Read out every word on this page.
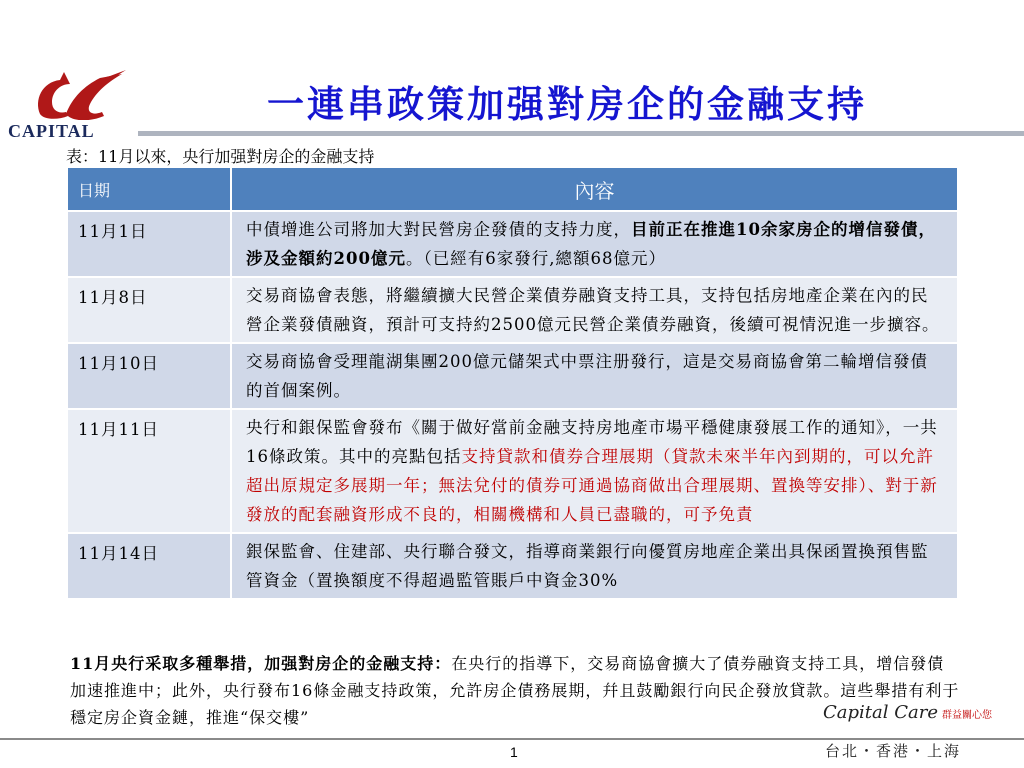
CAPITAL
一連串政策加强對房企的金融支持
表：11月以來，央行加强對房企的金融支持
日期	內容
11月1日	中債增進公司將加大對民營房企發債的支持力度，目前正在推進10余家房企的增信發債，涉及金額約200億元。（已經有6家發行,總額68億元）
11月8日	交易商協會表態，將繼續擴大民營企業債券融資支持工具，支持包括房地產企業在內的民營企業發債融資，預計可支持約2500億元民營企業債券融資，後續可視情況進一步擴容。
11月10日	交易商協會受理龍湖集團200億元儲架式中票注册發行，這是交易商協會第二輪增信發債的首個案例。
11月11日	央行和銀保監會發布《關于做好當前金融支持房地產市場平穩健康發展工作的通知》，一共16條政策。其中的亮點包括支持貸款和債券合理展期（貸款未來半年內到期的，可以允許超出原規定多展期一年；無法兌付的債券可通過協商做出合理展期、置換等安排）、對于新發放的配套融資形成不良的，相關機構和人員已盡職的，可予免責
11月14日	銀保監會、住建部、央行聯合發文，指導商業銀行向優質房地産企業出具保函置換預售監管資金（置換額度不得超過監管賬戶中資金30%
11月央行采取多種舉措，加强對房企的金融支持：在央行的指導下，交易商協會擴大了債券融資支持工具，增信發債加速推進中；此外，央行發布16條金融支持政策，允許房企債務展期，幷且鼓勵銀行向民企發放貸款。這些舉措有利于穩定房企資金鏈，推進“保交樓”	Capital Care 群益關心您
1	台北・香港・上海
